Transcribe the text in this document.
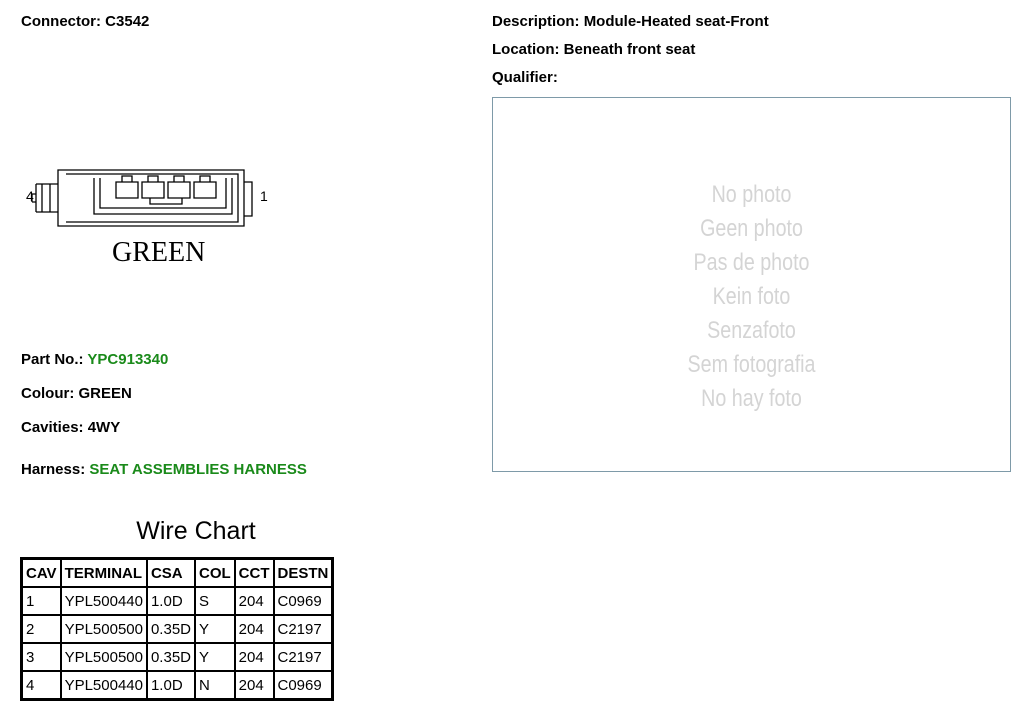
Connector: C3542	Description: Module-Heated seat-Front
Location: Beneath front seat
Qualifier:
4	1
GREEN
No photo
Geen photo
Pas de photo
Kein foto
Senzafoto
Sem fotografia
No hay foto
Part No.: YPC913340
Colour: GREEN
Cavities: 4WY
Harness: SEAT ASSEMBLIES HARNESS
Wire Chart
CAV	TERMINAL	CSA	COL	CCT	DESTN
1	YPL500440	1.0D	S	204	C0969
2	YPL500500	0.35D	Y	204	C2197
3	YPL500500	0.35D	Y	204	C2197
4	YPL500440	1.0D	N	204	C0969
